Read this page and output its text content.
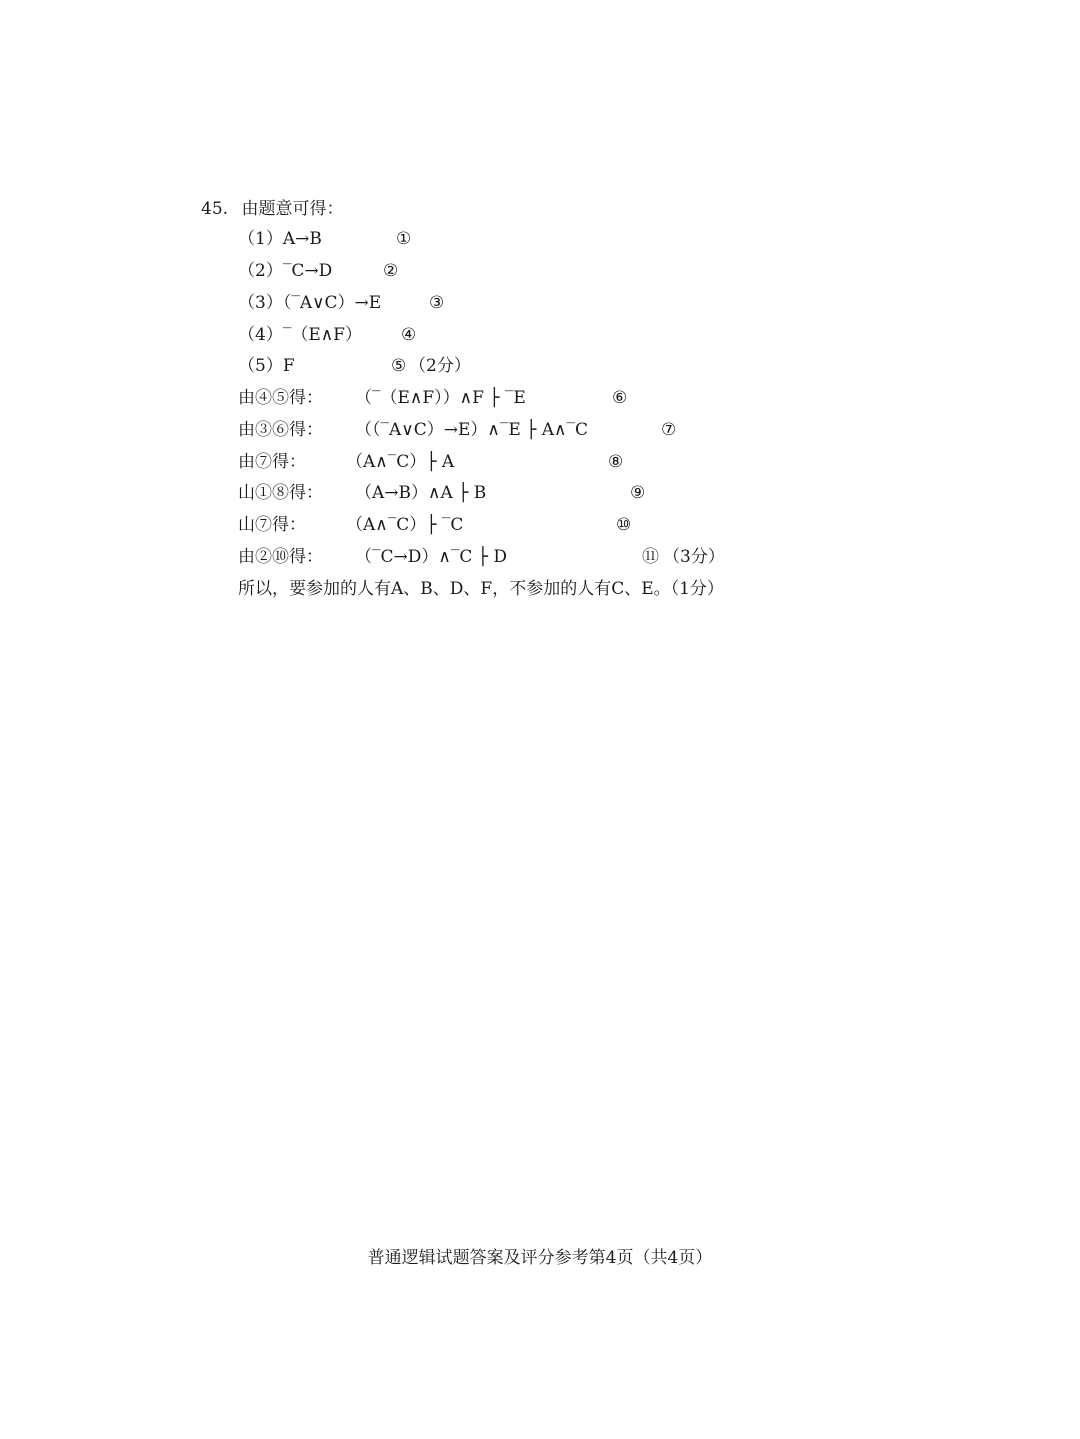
45. 由题意可得：
（1）A→B	①
（2）‾C→D	②
（3）（‾A∨C）→E	③
（4）‾（E∧F） ④
（5）F	⑤ （2分）
由④⑤得： （‾（E∧F））∧F ├ ‾E	⑥
由③⑥得： （（‾A∨C）→E）∧‾E ├ A∧‾C	⑦
由⑦得： （A∧‾C）├ A	⑧
山①⑧得： （A→B）∧A ├ B	⑨
山⑦得： （A∧‾C）├ ‾C	⑩
由②⑩得： （‾C→D）∧‾C ├ D	⑪ （3分）
所以，要参加的人有A、B、D、F，不参加的人有C、E。（1分）
普通逻辑试题答案及评分参考第4页（共4页）
